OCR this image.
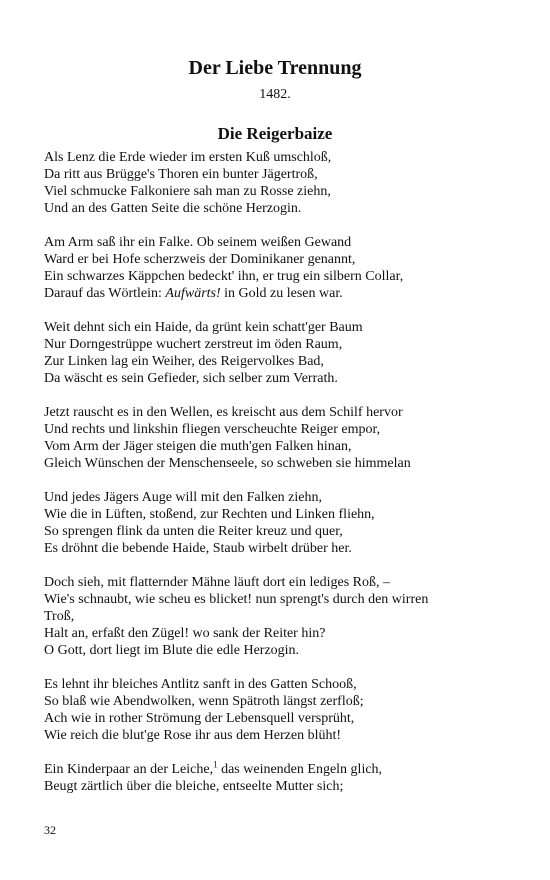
Der Liebe Trennung
1482.
Die Reigerbaize
Als Lenz die Erde wieder im ersten Kuß umschloß,
Da ritt aus Brügge's Thoren ein bunter Jägertroß,
Viel schmucke Falkoniere sah man zu Rosse ziehn,
Und an des Gatten Seite die schöne Herzogin.
Am Arm saß ihr ein Falke. Ob seinem weißen Gewand
Ward er bei Hofe scherzweis der Dominikaner genannt,
Ein schwarzes Käppchen bedeckt' ihn, er trug ein silbern Collar,
Darauf das Wörtlein: Aufwärts! in Gold zu lesen war.
Weit dehnt sich ein Haide, da grünt kein schatt'ger Baum
Nur Dorngestrüppe wuchert zerstreut im öden Raum,
Zur Linken lag ein Weiher, des Reigervolkes Bad,
Da wäscht es sein Gefieder, sich selber zum Verrath.
Jetzt rauscht es in den Wellen, es kreischt aus dem Schilf hervor
Und rechts und linkshin fliegen verscheuchte Reiger empor,
Vom Arm der Jäger steigen die muth'gen Falken hinan,
Gleich Wünschen der Menschenseele, so schweben sie himmelan
Und jedes Jägers Auge will mit den Falken ziehn,
Wie die in Lüften, stoßend, zur Rechten und Linken fliehn,
So sprengen flink da unten die Reiter kreuz und quer,
Es dröhnt die bebende Haide, Staub wirbelt drüber her.
Doch sieh, mit flatternder Mähne läuft dort ein lediges Roß, –
Wie's schnaubt, wie scheu es blicket! nun sprengt's durch den wirren
Troß,
Halt an, erfaßt den Zügel! wo sank der Reiter hin?
O Gott, dort liegt im Blute die edle Herzogin.
Es lehnt ihr bleiches Antlitz sanft in des Gatten Schooß,
So blaß wie Abendwolken, wenn Spätroth längst zerfloß;
Ach wie in rother Strömung der Lebensquell versprüht,
Wie reich die blut'ge Rose ihr aus dem Herzen blüht!
Ein Kinderpaar an der Leiche,$^1$ das weinenden Engeln glich,
Beugt zärtlich über die bleiche, entseelte Mutter sich;
32
